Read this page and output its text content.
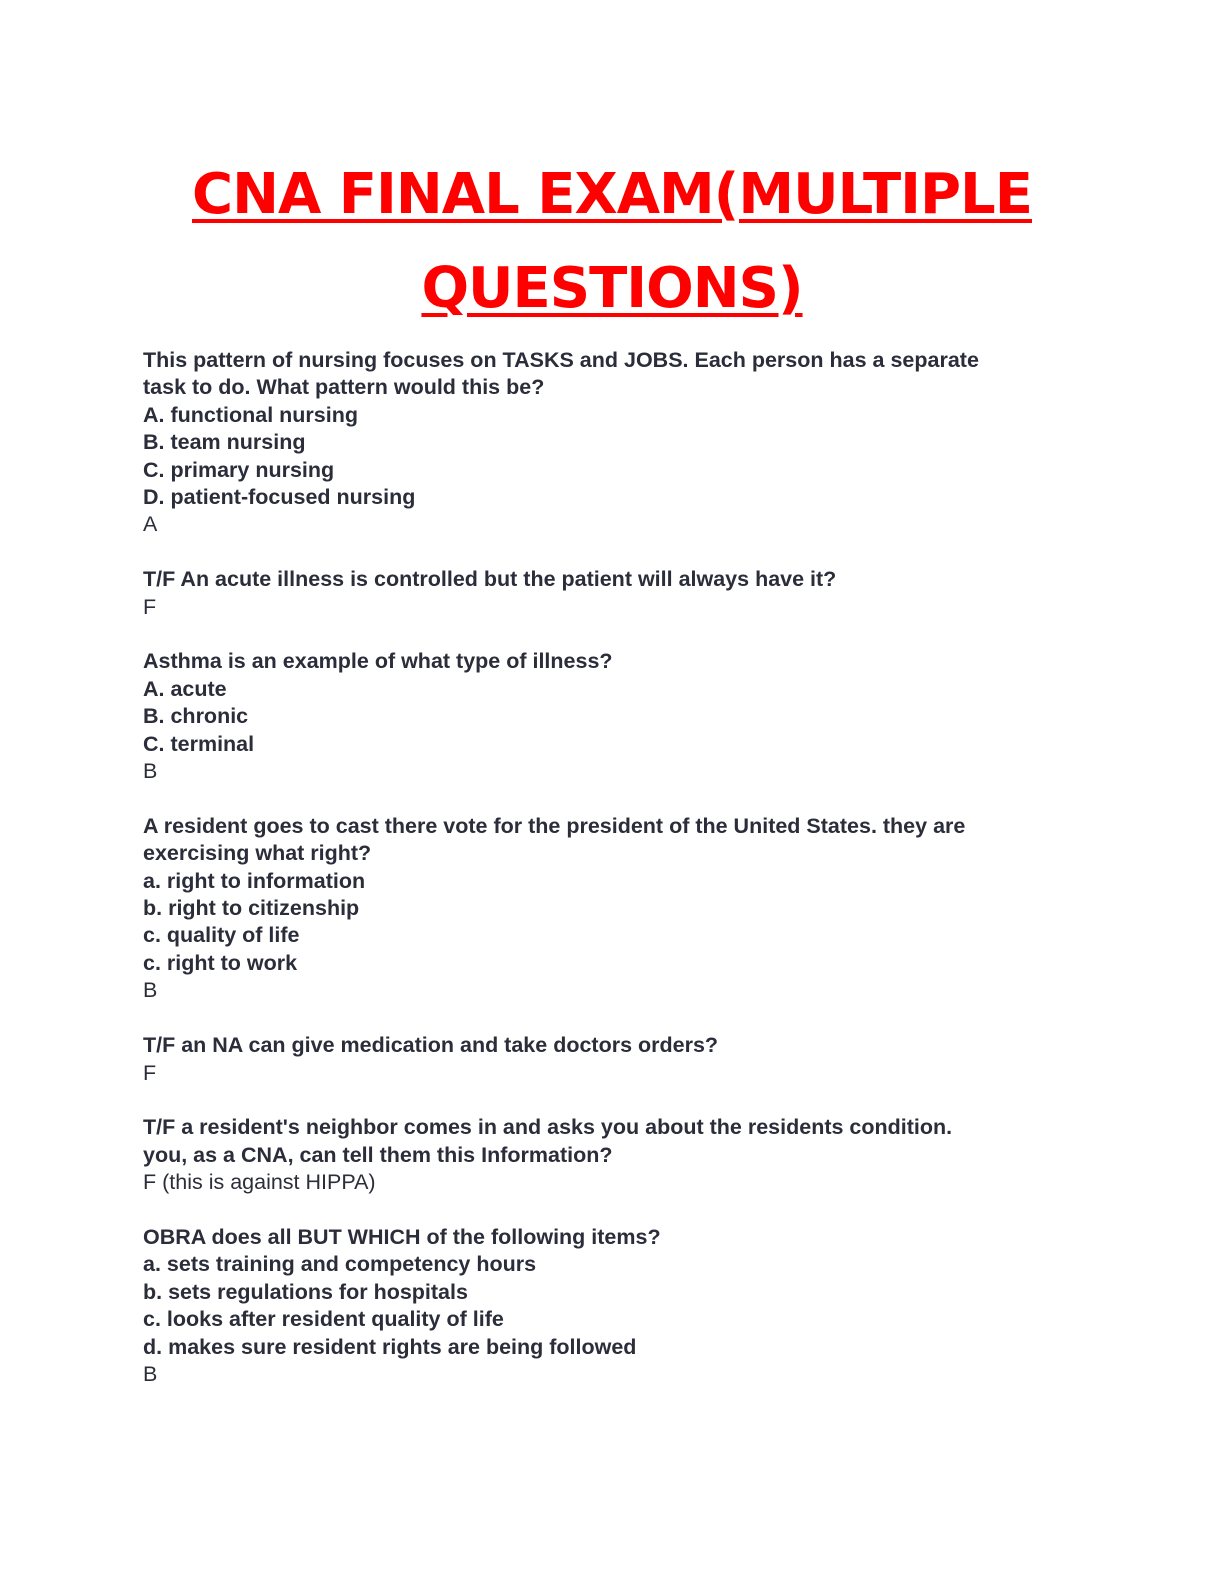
CNA FINAL EXAM(MULTIPLE
QUESTIONS)

This pattern of nursing focuses on TASKS and JOBS. Each person has a separate

task to do. What pattern would this be?

A. functional nursing

B. team nursing

C. primary nursing

D. patient-focused nursing

A

T/F An acute illness is controlled but the patient will always have it?

F

Asthma is an example of what type of illness?

A. acute

B. chronic

C. terminal

B

A resident goes to cast there vote for the president of the United States. they are

exercising what right?

a. right to information

b. right to citizenship

c. quality of life

c. right to work

B

T/F an NA can give medication and take doctors orders?

F

T/F a resident's neighbor comes in and asks you about the residents condition.

you, as a CNA, can tell them this Information?

F (this is against HIPPA)

OBRA does all BUT WHICH of the following items?

a. sets training and competency hours

b. sets regulations for hospitals

c. looks after resident quality of life

d. makes sure resident rights are being followed

B
